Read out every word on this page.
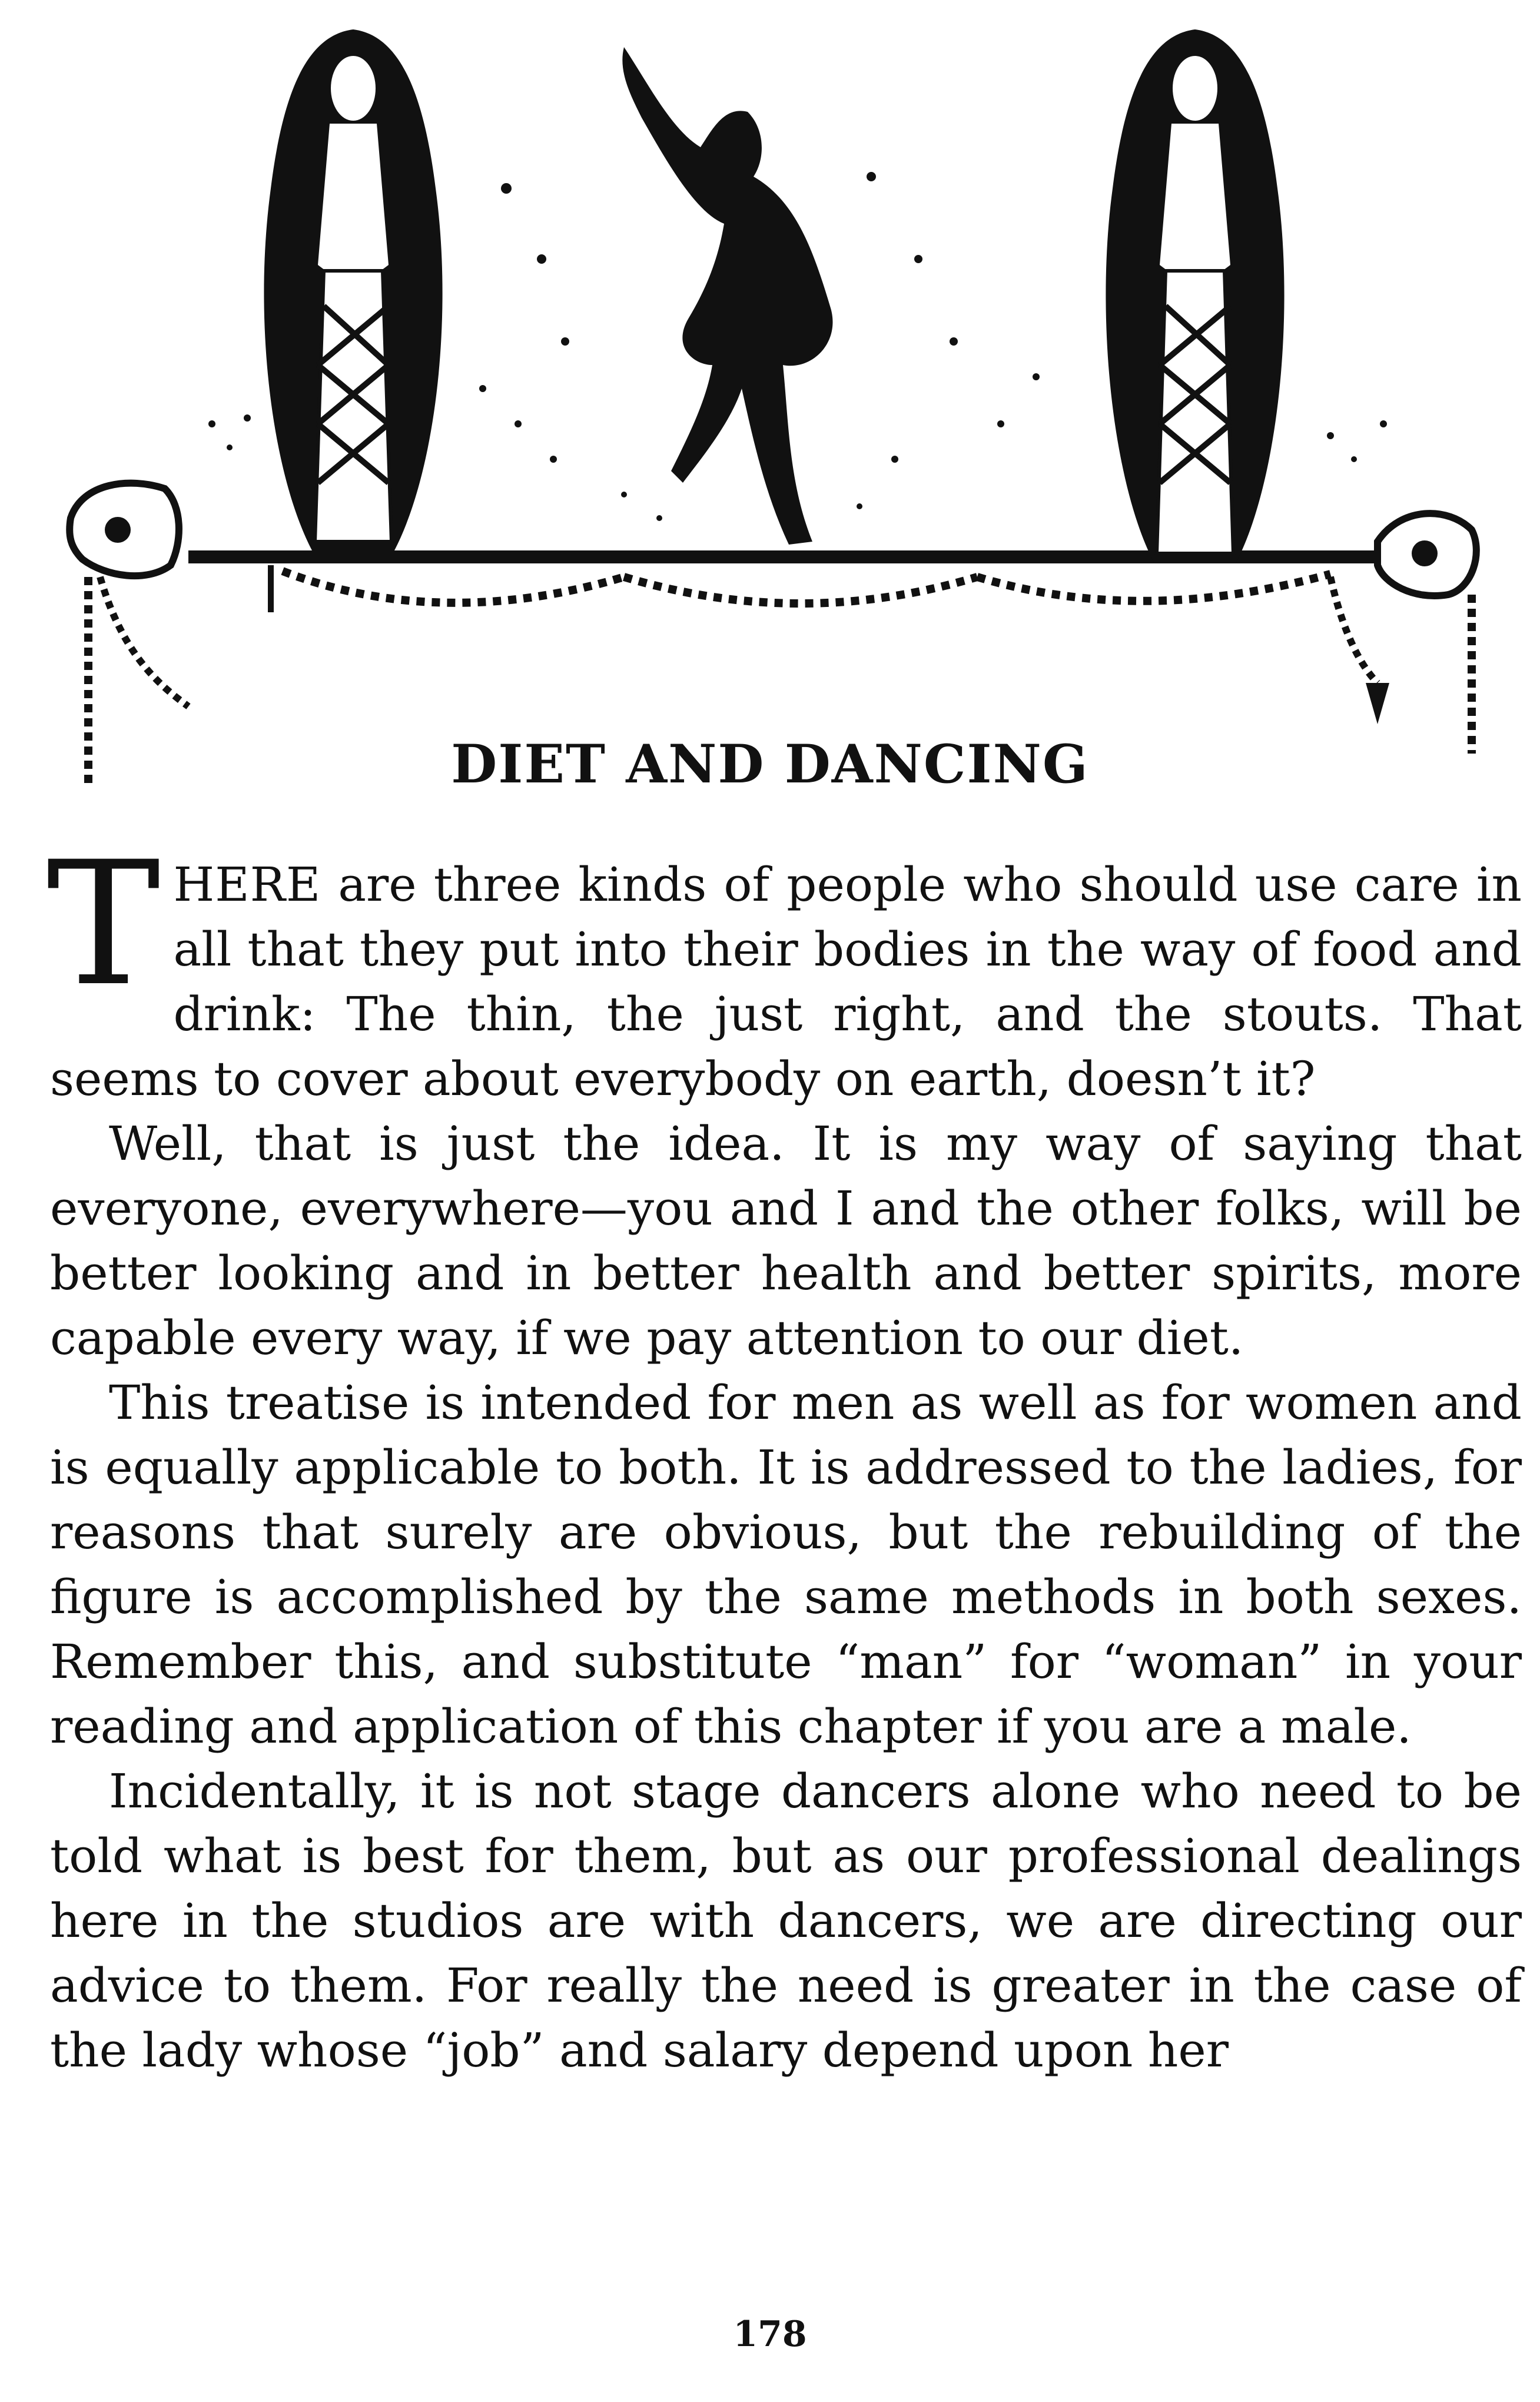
DIET AND DANCING

THERE are three kinds of people who should use care in all that they put into their bodies in the way of food and drink: The thin, the just right, and the stouts. That seems to cover about everybody on earth, doesn’t it?

Well, that is just the idea. It is my way of saying that everyone, everywhere—you and I and the other folks, will be better looking and in better health and better spirits, more capable every way, if we pay attention to our diet.

This treatise is intended for men as well as for women and is equally applicable to both. It is addressed to the ladies, for reasons that surely are obvious, but the rebuilding of the figure is accomplished by the same methods in both sexes. Remember this, and substitute “man” for “woman” in your reading and application of this chapter if you are a male.

Incidentally, it is not stage dancers alone who need to be told what is best for them, but as our professional dealings here in the studios are with dancers, we are directing our advice to them. For really the need is greater in the case of the lady whose “job” and salary depend upon her

178
